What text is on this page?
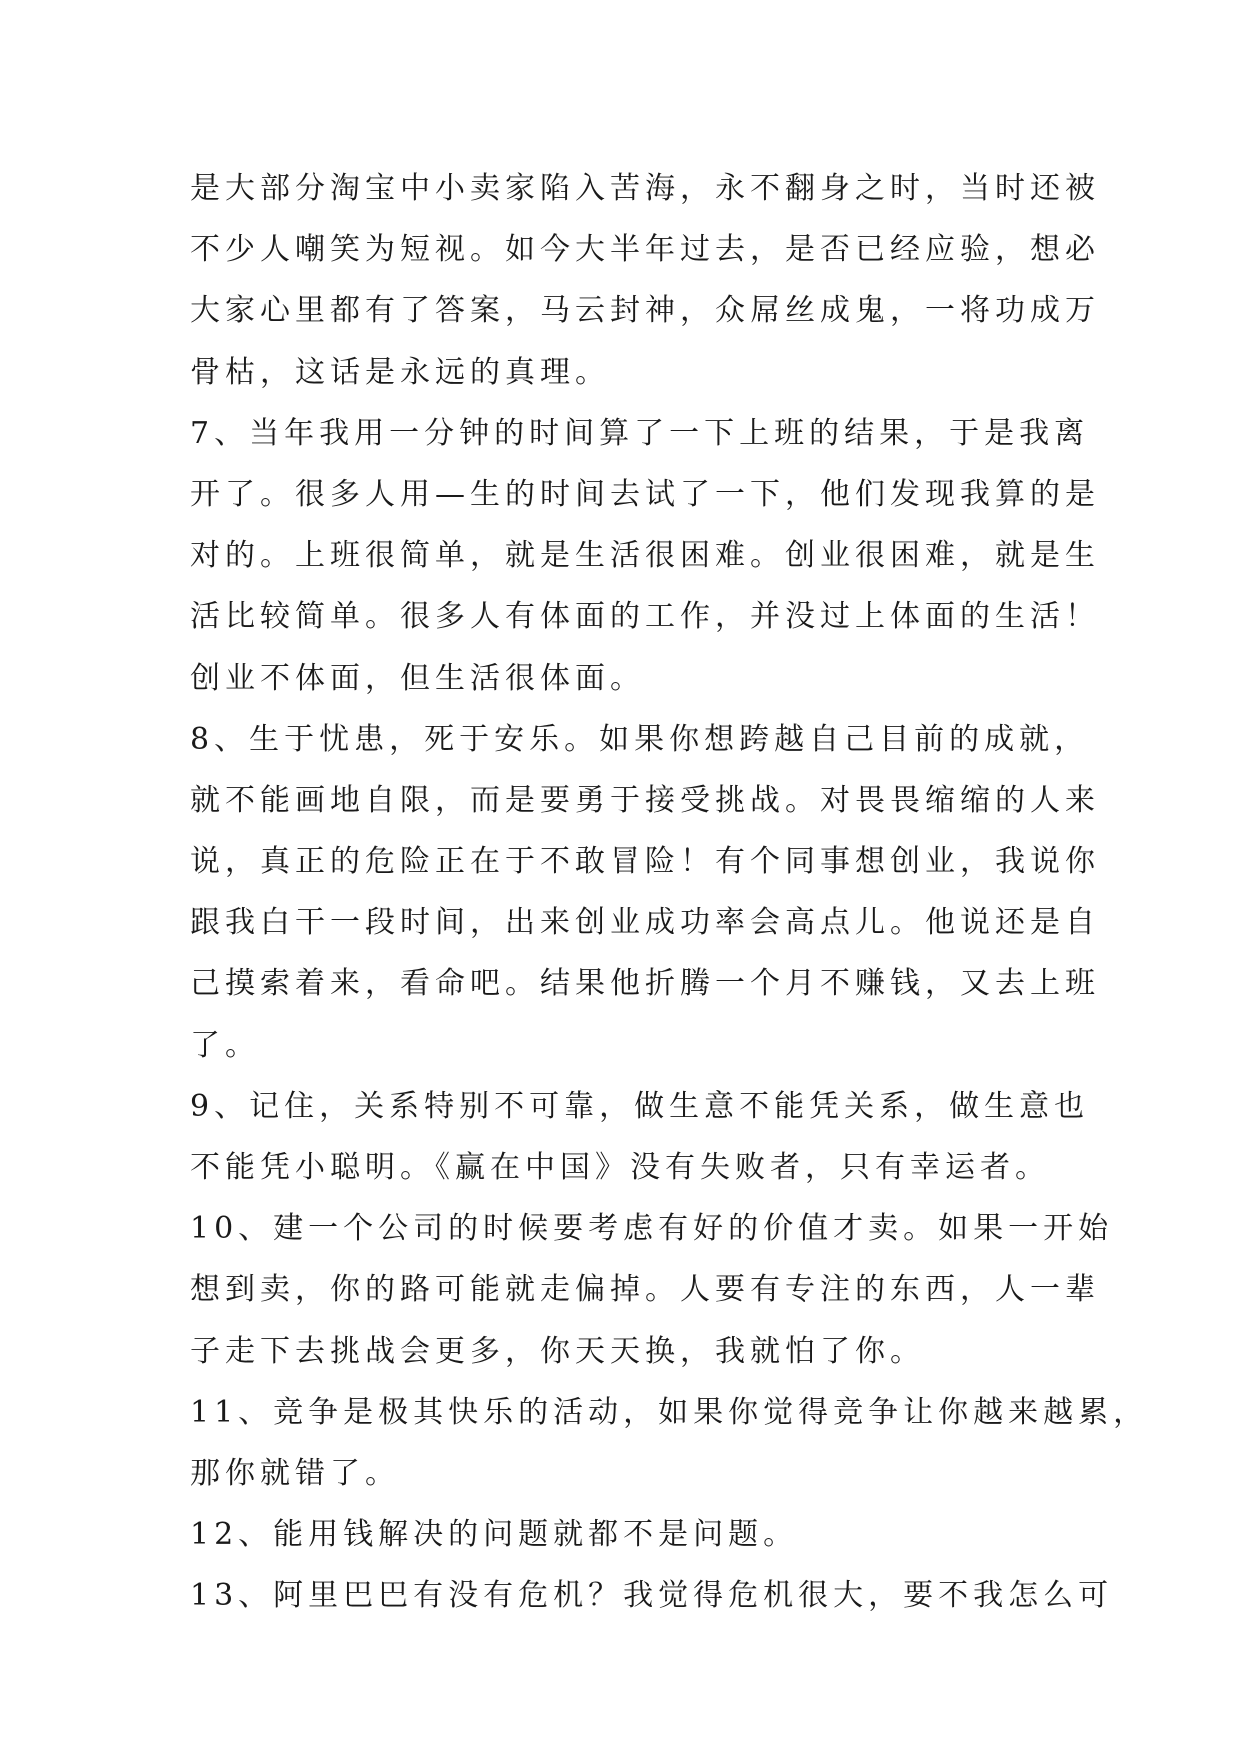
是大部分淘宝中小卖家陷入苦海，永不翻身之时，当时还被
不少人嘲笑为短视。如今大半年过去，是否已经应验，想必
大家心里都有了答案，马云封神，众屌丝成鬼，一将功成万
骨枯，这话是永远的真理。
7、当年我用一分钟的时间算了一下上班的结果，于是我离
开了。很多人用—生的时间去试了一下，他们发现我算的是
对的。上班很简单，就是生活很困难。创业很困难，就是生
活比较简单。很多人有体面的工作，并没过上体面的生活！
创业不体面，但生活很体面。
8、生于忧患，死于安乐。如果你想跨越自己目前的成就，
就不能画地自限，而是要勇于接受挑战。对畏畏缩缩的人来
说，真正的危险正在于不敢冒险！有个同事想创业，我说你
跟我白干一段时间，出来创业成功率会高点儿。他说还是自
己摸索着来，看命吧。结果他折腾一个月不赚钱，又去上班
了。
9、记住，关系特别不可靠，做生意不能凭关系，做生意也
不能凭小聪明。《赢在中国》没有失败者，只有幸运者。
10、建一个公司的时候要考虑有好的价值才卖。如果一开始
想到卖，你的路可能就走偏掉。人要有专注的东西，人一辈
子走下去挑战会更多，你天天换，我就怕了你。
11、竞争是极其快乐的活动，如果你觉得竞争让你越来越累，
那你就错了。
12、能用钱解决的问题就都不是问题。
13、阿里巴巴有没有危机？我觉得危机很大，要不我怎么可
